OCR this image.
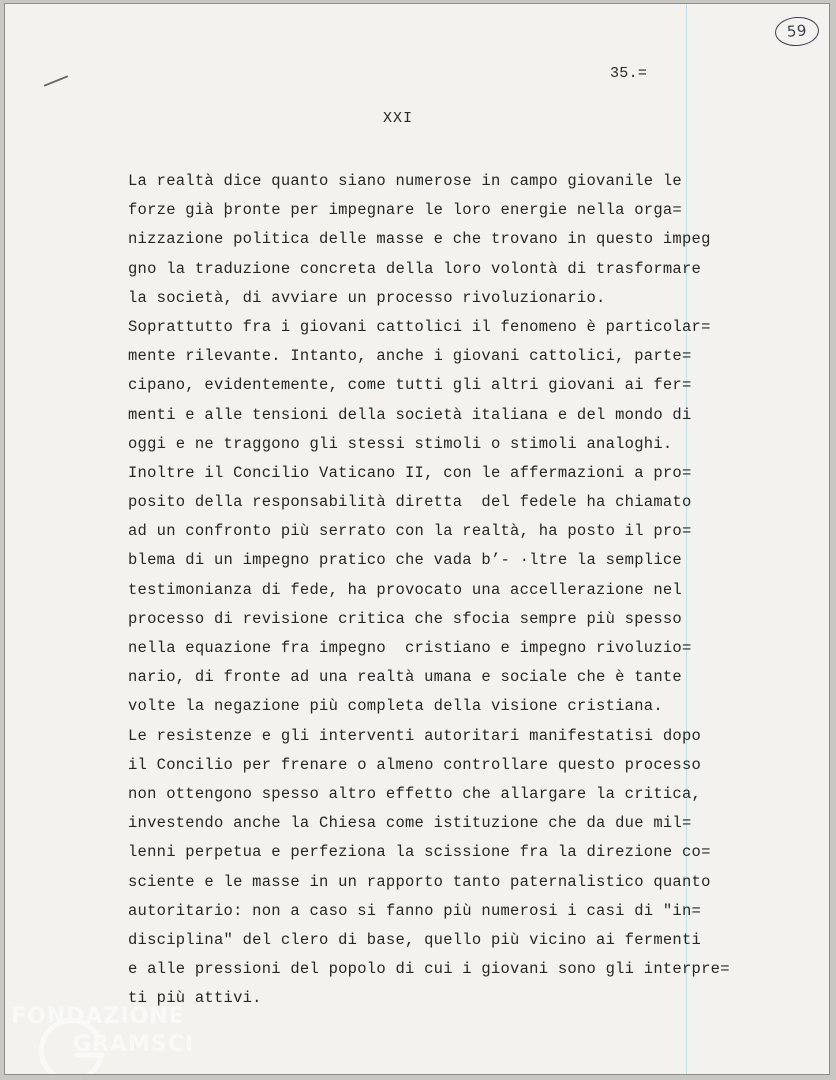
59
35.=
XXI
La realtà dice quanto siano numerose in campo giovanile le
forze già þronte per impegnare le loro energie nella orga=
nizzazione politica delle masse e che trovano in questo impeg
gno la traduzione concreta della loro volontà di trasformare
la società, di avviare un processo rivoluzionario.
Soprattutto fra i giovani cattolici il fenomeno è particolar=
mente rilevante. Intanto, anche i giovani cattolici, parte=
cipano, evidentemente, come tutti gli altri giovani ai fer=
menti e alle tensioni della società italiana e del mondo di
oggi e ne traggono gli stessi stimoli o stimoli analoghi.
Inoltre il Concilio Vaticano II, con le affermazioni a pro=
posito della responsabilità diretta  del fedele ha chiamato
ad un confronto più serrato con la realtà, ha posto il pro=
blema di un impegno pratico che vada b’‐ ·ltre la semplice
testimonianza di fede, ha provocato una accellerazione nel
processo di revisione critica che sfocia sempre più spesso
nella equazione fra impegno  cristiano e impegno rivoluzio=
nario, di fronte ad una realtà umana e sociale che è tante
volte la negazione più completa della visione cristiana.
Le resistenze e gli interventi autoritari manifestatisi dopo
il Concilio per frenare o almeno controllare questo processo
non ottengono spesso altro effetto che allargare la critica,
investendo anche la Chiesa come istituzione che da due mil=
lenni perpetua e perfeziona la scissione fra la direzione co=
sciente e le masse in un rapporto tanto paternalistico quanto
autoritario: non a caso si fanno più numerosi i casi di "in=
disciplina" del clero di base, quello più vicino ai fermenti
e alle pressioni del popolo di cui i giovani sono gli interpre=
ti più attivi.
FONDAZIONE
GRAMSCI
